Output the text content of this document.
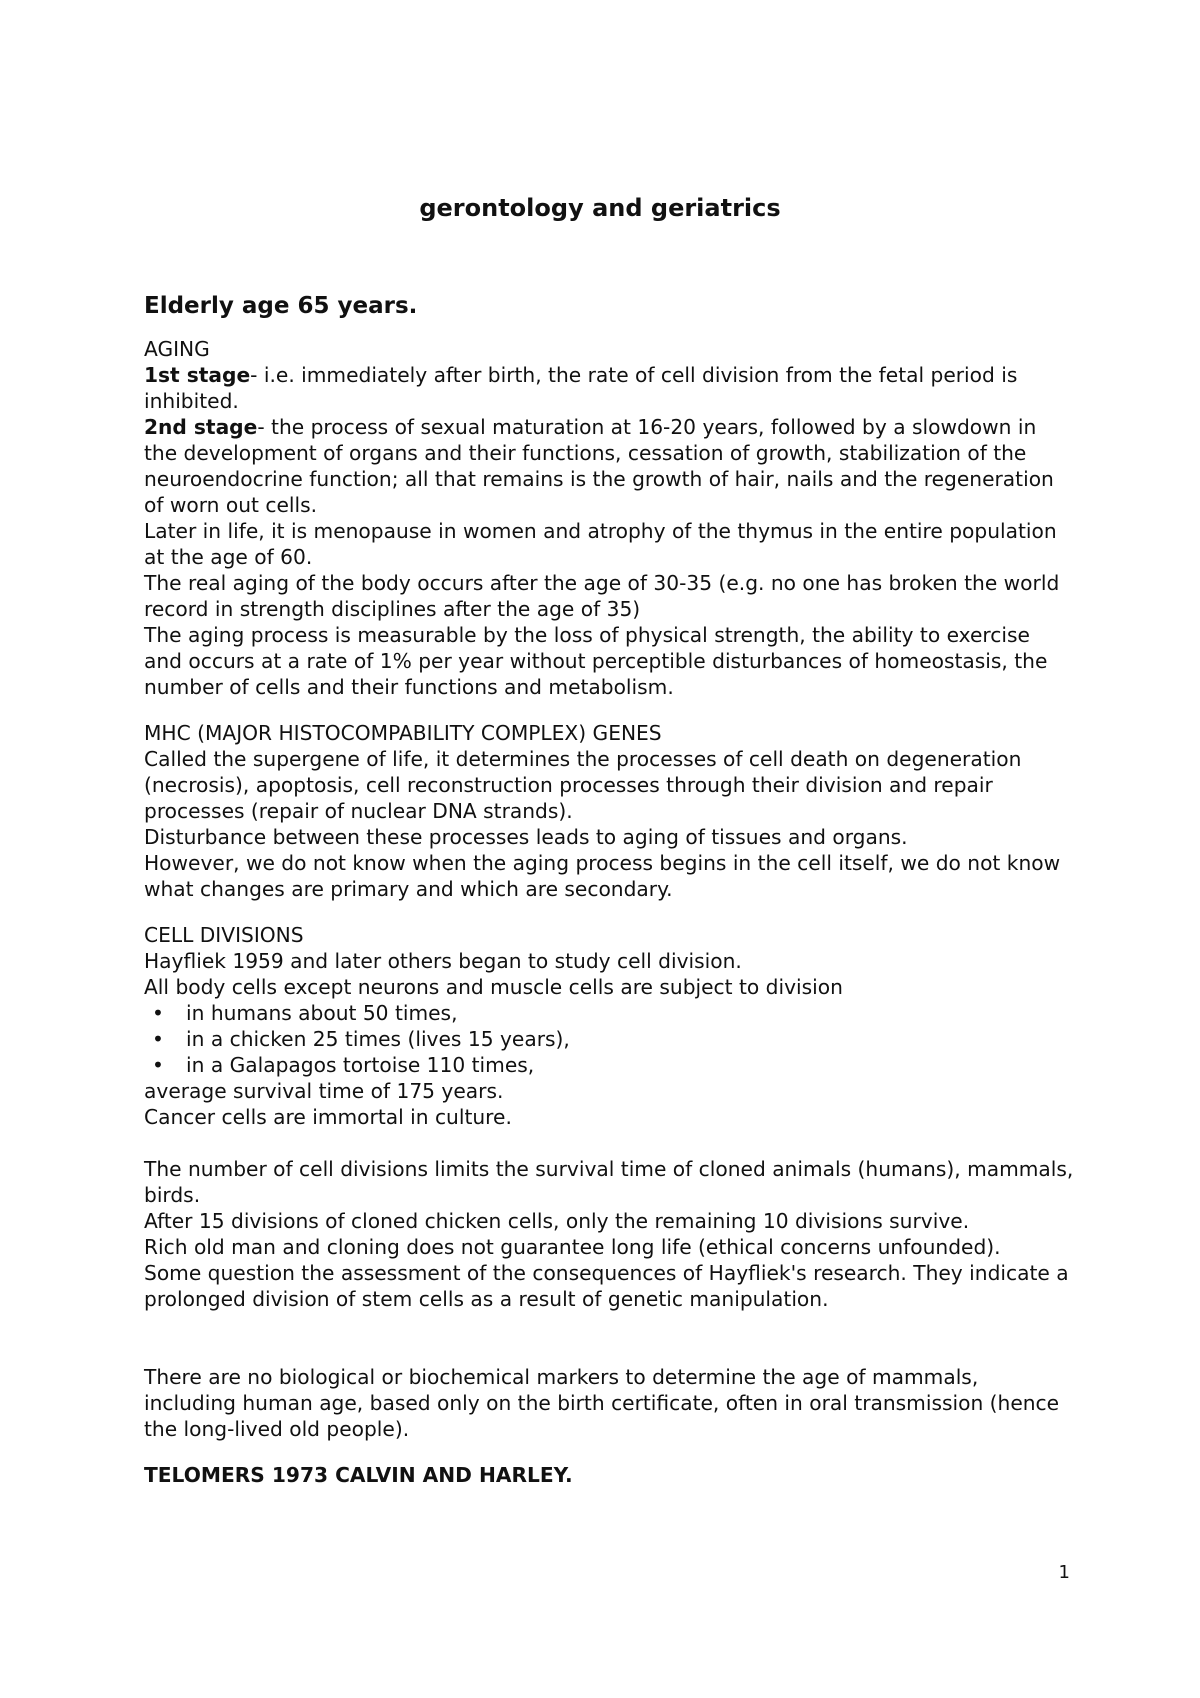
gerontology and geriatrics

Elderly age 65 years.

AGING

1st stage- i.e. immediately after birth, the rate of cell division from the fetal period is inhibited.

2nd stage- the process of sexual maturation at 16-20 years, followed by a slowdown in the development of organs and their functions, cessation of growth, stabilization of the neuroendocrine function; all that remains is the growth of hair, nails and the regeneration of worn out cells.

Later in life, it is menopause in women and atrophy of the thymus in the entire population at the age of 60.

The real aging of the body occurs after the age of 30-35 (e.g. no one has broken the world record in strength disciplines after the age of 35)

The aging process is measurable by the loss of physical strength, the ability to exercise and occurs at a rate of 1% per year without perceptible disturbances of homeostasis, the number of cells and their functions and metabolism.

MHC (MAJOR HISTOCOMPABILITY COMPLEX) GENES

Called the supergene of life, it determines the processes of cell death on degeneration (necrosis), apoptosis, cell reconstruction processes through their division and repair processes (repair of nuclear DNA strands).

Disturbance between these processes leads to aging of tissues and organs.

However, we do not know when the aging process begins in the cell itself, we do not know what changes are primary and which are secondary.

CELL DIVISIONS

Hayfliek 1959 and later others began to study cell division.

All body cells except neurons and muscle cells are subject to division

• in humans about 50 times,
• in a chicken 25 times (lives 15 years),
• in a Galapagos tortoise 110 times,

average survival time of 175 years.

Cancer cells are immortal in culture.

The number of cell divisions limits the survival time of cloned animals (humans), mammals, birds.

After 15 divisions of cloned chicken cells, only the remaining 10 divisions survive.

Rich old man and cloning does not guarantee long life (ethical concerns unfounded).

Some question the assessment of the consequences of Hayfliek's research. They indicate a prolonged division of stem cells as a result of genetic manipulation.

There are no biological or biochemical markers to determine the age of mammals, including human age, based only on the birth certificate, often in oral transmission (hence the long-lived old people).

TELOMERS 1973 CALVIN AND HARLEY.

1
